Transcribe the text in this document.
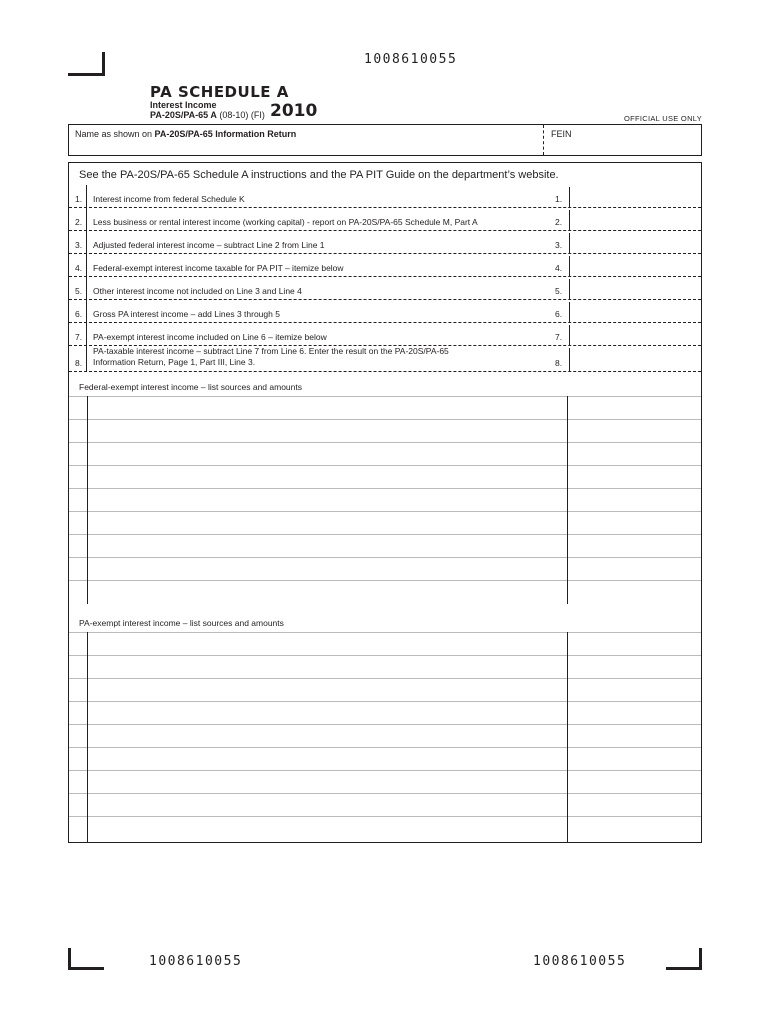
1008610055
1008610055	1008610055
PA SCHEDULE A
Interest Income
PA-20S/PA-65 A (08-10) (FI) 2010	OFFICIAL USE ONLY
Name as shown on PA-20S/PA-65 Information Return	FEIN
See the PA-20S/PA-65 Schedule A instructions and the PA PIT Guide on the department’s website.
1. Interest income from federal Schedule K	1.
2. Less business or rental interest income (working capital) - report on PA-20S/PA-65 Schedule M, Part A	2.
3. Adjusted federal interest income – subtract Line 2 from Line 1	3.
4. Federal-exempt interest income taxable for PA PIT – itemize below	4.
5. Other interest income not included on Line 3 and Line 4	5.
6. Gross PA interest income – add Lines 3 through 5	6.
7. PA-exempt interest income included on Line 6 – itemize below	7.
8.
PA-taxable interest income – subtract Line 7 from Line 6. Enter the result on the PA-20S/PA-65
Information Return, Page 1, Part III, Line 3.	8.
Federal-exempt interest income – list sources and amounts
PA-exempt interest income – list sources and amounts
